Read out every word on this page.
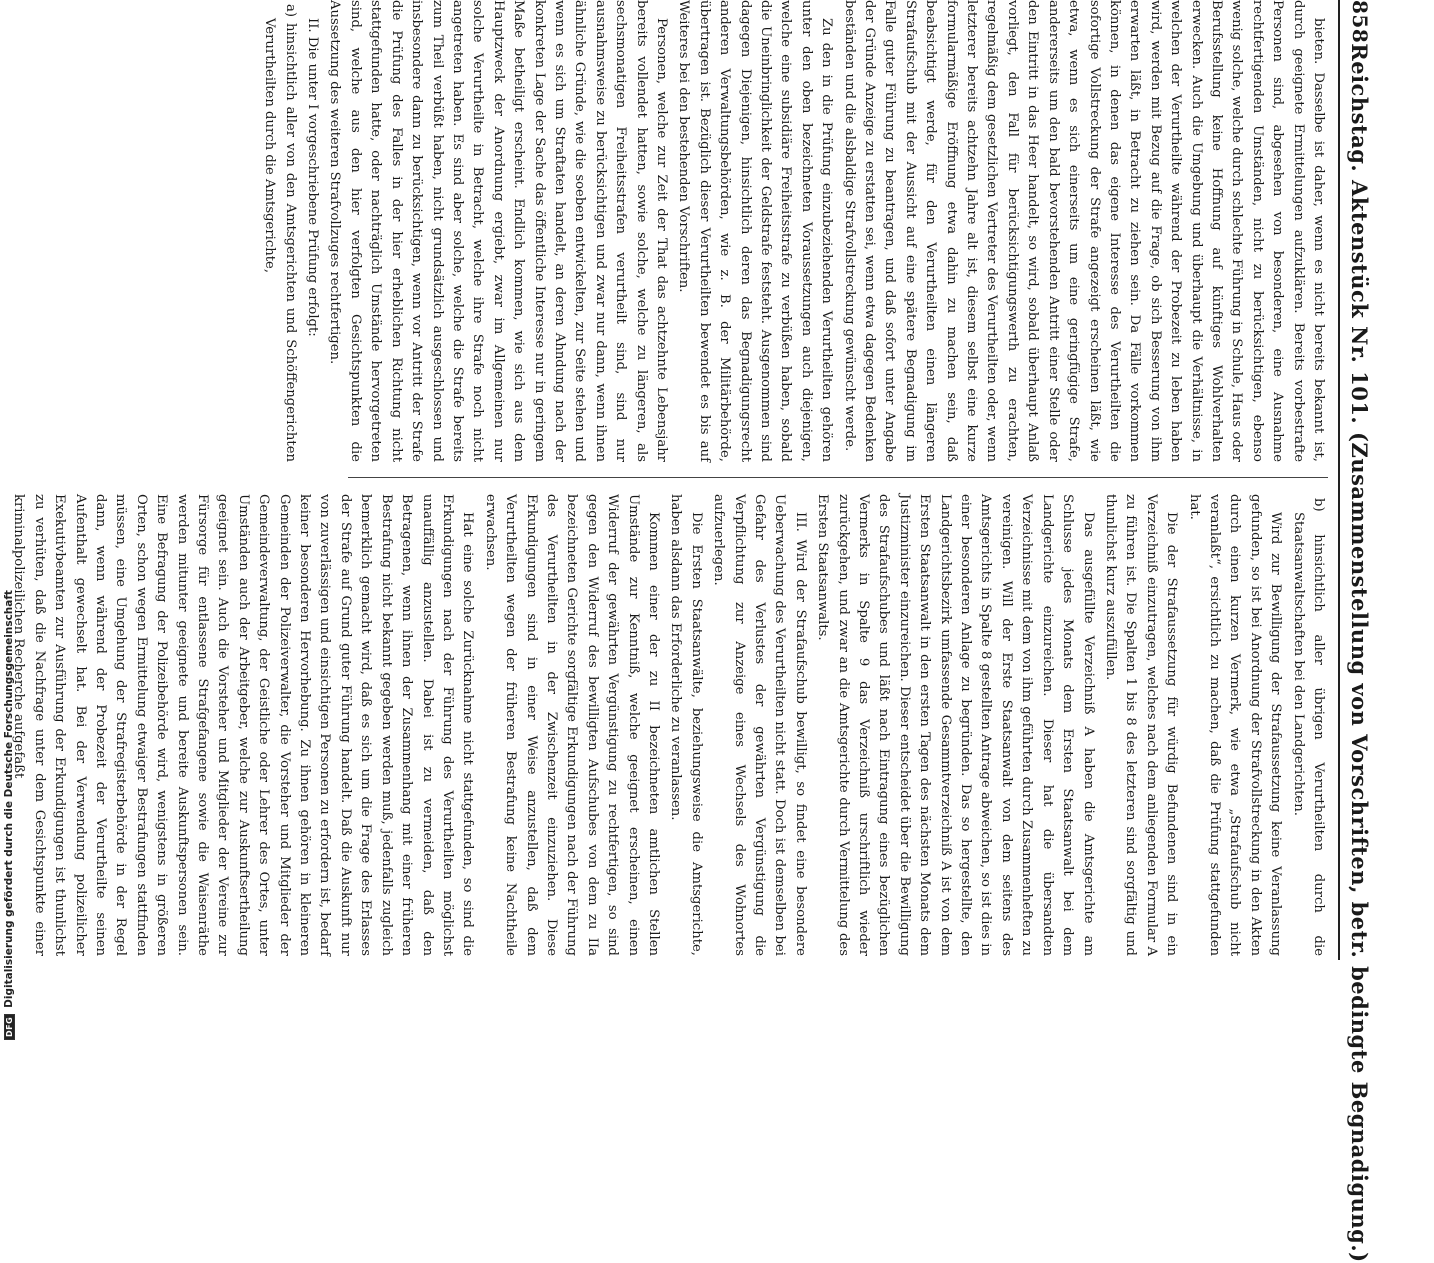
858
Reichstag. Aktenstück Nr. 101. (Zusammenstellung von Vorschriften, betr. bedingte Begnadigung.)

bieten. Dasselbe ist daher, wenn es nicht bereits bekannt ist, durch geeignete Ermittelungen aufzuklären. Bereits vorbestrafte Personen sind, abgesehen von besonderen, eine Ausnahme rechtfertigenden Umständen, nicht zu berücksichtigen, ebenso wenig solche, welche durch schlechte Führung in Schule, Haus oder Berufsstellung keine Hoffnung auf künftiges Wohlverhalten erwecken. Auch die Umgebung und überhaupt die Verhältnisse, in welchen der Verurtheilte während der Probezeit zu leben haben wird, werden mit Bezug auf die Frage, ob sich Besserung von ihm erwarten läßt, in Betracht zu ziehen sein. Da Fälle vorkommen können, in denen das eigene Interesse des Verurtheilten die sofortige Vollstreckung der Strafe angezeigt erscheinen läßt, wie etwa, wenn es sich einerseits um eine geringfügige Strafe, andererseits um den bald bevorstehenden Antritt einer Stelle oder den Eintritt in das Heer handelt, so wird, sobald überhaupt Anlaß vorliegt, den Fall für berücksichtigungswerth zu erachten, regelmäßig dem gesetzlichen Vertreter des Verurtheilten oder, wenn letzterer bereits achtzehn Jahre alt ist, diesem selbst eine kurze formularmäßige Eröffnung etwa dahin zu machen sein, daß beabsichtigt werde, für den Verurtheilten einen längeren Strafaufschub mit der Aussicht auf eine spätere Begnadigung im Falle guter Führung zu beantragen, und daß sofort unter Angabe der Gründe Anzeige zu erstatten sei, wenn etwa dagegen Bedenken beständen und die alsbaldige Strafvollstreckung gewünscht werde.

Zu den in die Prüfung einzubeziehenden Verurtheilten gehören unter den oben bezeichneten Voraussetzungen auch diejenigen, welche eine subsidiäre Freiheitsstrafe zu verbüßen haben, sobald die Uneinbringlichkeit der Geldstrafe feststeht. Ausgenommen sind dagegen Diejenigen, hinsichtlich deren das Begnadigungsrecht anderen Verwaltungsbehörden, wie z. B. der Militärbehörde, übertragen ist. Bezüglich dieser Verurtheilten bewendet es bis auf Weiteres bei den bestehenden Vorschriften.

Personen, welche zur Zeit der That das achtzehnte Lebensjahr bereits vollendet hatten, sowie solche, welche zu längeren, als sechsmonatigen Freiheitsstrafen verurtheilt sind, sind nur ausnahmsweise zu berücksichtigen und zwar nur dann, wenn ihnen ähnliche Gründe, wie die soeben entwickelten, zur Seite stehen und wenn es sich um Straftaten handelt, an deren Ahndung nach der konkreten Lage der Sache das öffentliche Interesse nur in geringem Maße betheiligt erscheint. Endlich kommen, wie sich aus dem Hauptzweck der Anordnung ergiebt, zwar im Allgemeinen nur solche Verurtheilte in Betracht, welche ihre Strafe noch nicht angetreten haben. Es sind aber solche, welche die Strafe bereits zum Theil verbüßt haben, nicht grundsätzlich ausgeschlossen und insbesondere dann zu berücksichtigen, wenn vor Antritt der Strafe die Prüfung des Falles in der hier erheblichen Richtung nicht stattgefunden hatte, oder nachträglich Umstände hervorgetreten sind, welche aus den hier verfolgten Gesichtspunkten die Aussetzung des weiteren Strafvollzuges rechtfertigen.

II. Die unter I vorgeschriebene Prüfung erfolgt:

a) hinsichtlich aller von den Amtsgerichten und Schöffengerichten Verurtheilten durch die Amtsgerichte,

b) hinsichtlich aller übrigen Verurtheilten durch die Staatsanwaltschaften bei den Landgerichten.

Wird zur Bewilligung der Strafaussetzung keine Veranlassung gefunden, so ist bei Anordnung der Strafvollstreckung in den Akten durch einen kurzen Vermerk, wie etwa „Strafaufschub nicht veranlaßt“, ersichtlich zu machen, daß die Prüfung stattgefunden hat.

Die der Strafaussetzung für würdig Befundenen sind in ein Verzeichniß einzutragen, welches nach dem anliegenden Formular A zu führen ist. Die Spalten 1 bis 8 des letzteren sind sorgfältig und thunlichst kurz auszufüllen.

Das ausgefüllte Verzeichniß A haben die Amtsgerichte am Schlusse jedes Monats dem Ersten Staatsanwalt bei dem Landgerichte einzureichen. Dieser hat die übersandten Verzeichnisse mit dem von ihm geführten durch Zusammenheften zu vereinigen. Will der Erste Staatsanwalt von dem seitens des Amtsgerichts in Spalte 8 gestellten Antrage abweichen, so ist dies in einer besonderen Anlage zu begründen. Das so hergestellte, den Landgerichtsbezirk umfassende Gesammtverzeichniß A ist von dem Ersten Staatsanwalt in den ersten Tagen des nächsten Monats dem Justizminister einzureichen. Dieser entscheidet über die Bewilligung des Strafaufschubes und läßt nach Eintragung eines bezüglichen Vermerks in Spalte 9 das Verzeichniß urschriftlich wieder zurückgehen, und zwar an die Amtsgerichte durch Vermittelung des Ersten Staatsanwalts.

III. Wird der Strafaufschub bewilligt, so findet eine besondere Ueberwachung des Verurtheilten nicht statt. Doch ist demselben bei Gefahr des Verlustes der gewährten Vergünstigung die Verpflichtung zur Anzeige eines Wechsels des Wohnortes aufzuerlegen.

Die Ersten Staatsanwälte, beziehungsweise die Amtsgerichte, haben alsdann das Erforderliche zu veranlassen.

Kommen einer der zu II bezeichneten amtlichen Stellen Umstände zur Kenntniß, welche geeignet erscheinen, einen Widerruf der gewährten Vergünstigung zu rechtfertigen, so sind gegen den Widerruf des bewilligten Aufschubes von dem zu IIa bezeichneten Gerichte sorgfältige Erkundigungen nach der Führung des Verurtheilten in der Zwischenzeit einzuziehen. Diese Erkundigungen sind in einer Weise anzustellen, daß dem Verurtheilten wegen der früheren Bestrafung keine Nachtheile erwachsen.

Hat eine solche Zurücknahme nicht stattgefunden, so sind die Erkundigungen nach der Führung des Verurtheilten möglichst unauffällig anzustellen. Dabei ist zu vermeiden, daß den Betragenen, wenn ihnen der Zusammenhang mit einer früheren Bestrafung nicht bekannt gegeben werden muß, jedenfalls zugleich bemerklich gemacht wird, daß es sich um die Frage des Erlasses der Strafe auf Grund guter Führung handelt. Daß die Auskunft nur von zuverlässigen und einsichtigen Personen zu erfordern ist, bedarf keiner besonderen Hervorhebung. Zu ihnen gehören in kleineren Gemeinden der Polizeiverwalter, die Vorsteher und Mitglieder der Gemeindeverwaltung, der Geistliche oder Lehrer des Ortes, unter Umständen auch der Arbeitgeber, welche zur Auskunftsertheilung geeignet sein. Auch die Vorsteher und Mitglieder der Vereine zur Fürsorge für entlassene Strafgefangene sowie die Waisenräthe werden mitunter geeignete und bereite Auskunftspersonen sein. Eine Befragung der Polizeibehörde wird, wenigstens in größeren Orten, schon wegen Ermittelung etwaiger Bestrafungen stattfinden müssen, eine Umgehung der Strafregisterbehörde in der Regel dann, wenn während der Probezeit der Verurtheilte seinen Aufenthalt gewechselt hat. Bei der Verwendung polizeilicher Exekutivbeamten zur Ausführung der Erkundigungen ist thunlichst zu verhüten, daß die Nachfrage unter dem Gesichtspunkte einer kriminalpolizeilichen Recherche aufgefaßt

DFG
Digitalisierung gefördert durch die Deutsche Forschungsgemeinschaft
